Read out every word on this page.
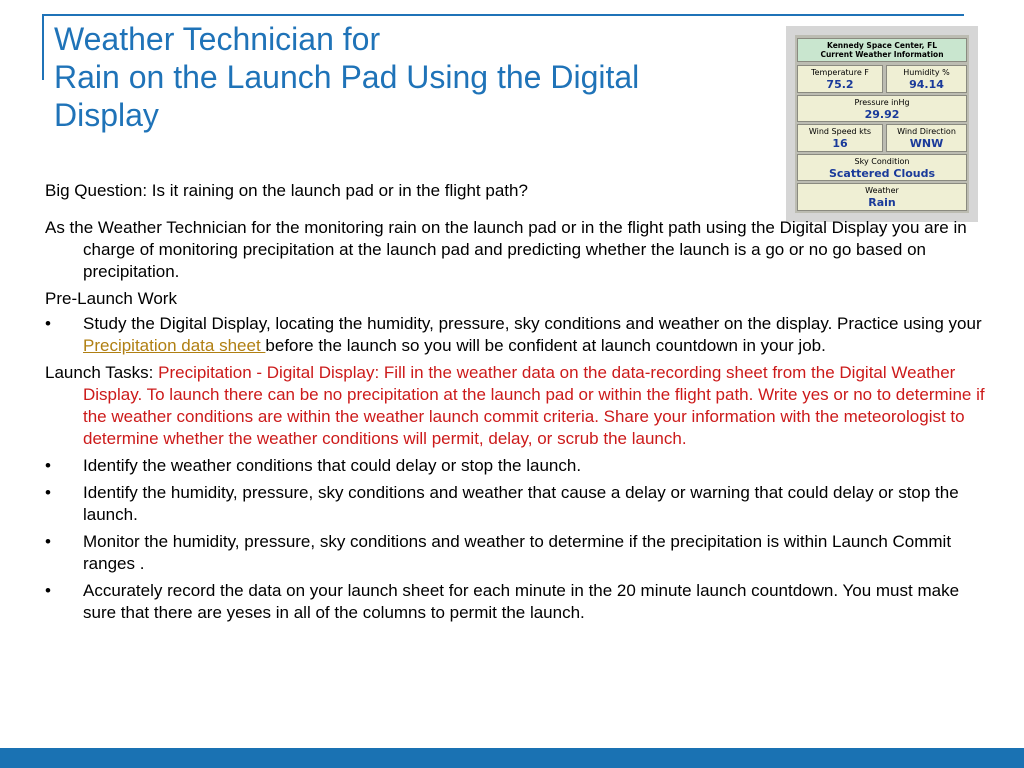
Weather Technician for
Rain on the Launch Pad Using the Digital
Display
Kennedy Space Center, FL
Current Weather Information
Temperature F
75.2
Humidity %
94.14
Pressure inHg
29.92
Wind Speed kts
16
Wind Direction
WNW
Sky Condition
Scattered Clouds
Weather
Rain

Big Question: Is it raining on the launch pad or in the flight path?

As the Weather Technician for the monitoring rain on the launch pad or in the flight path using the Digital Display you are in charge of monitoring precipitation at the launch pad and predicting whether the launch is a go or no go based on precipitation.

Pre-Launch Work

• Study the Digital Display, locating the humidity, pressure, sky conditions and weather on the display. Practice using your Precipitation data sheet before the launch so you will be confident at launch countdown in your job.

Launch Tasks: Precipitation - Digital Display: Fill in the weather data on the data-recording sheet from the Digital Weather Display. To launch there can be no precipitation at the launch pad or within the flight path. Write yes or no to determine if the weather conditions are within the weather launch commit criteria. Share your information with the meteorologist to determine whether the weather conditions will permit, delay, or scrub the launch.

• Identify the weather conditions that could delay or stop the launch.
• Identify the humidity, pressure, sky conditions and weather that cause a delay or warning that could delay or stop the launch.
• Monitor the humidity, pressure, sky conditions and weather to determine if the precipitation is within Launch Commit ranges .
• Accurately record the data on your launch sheet for each minute in the 20 minute launch countdown. You must make sure that there are yeses in all of the columns to permit the launch.
